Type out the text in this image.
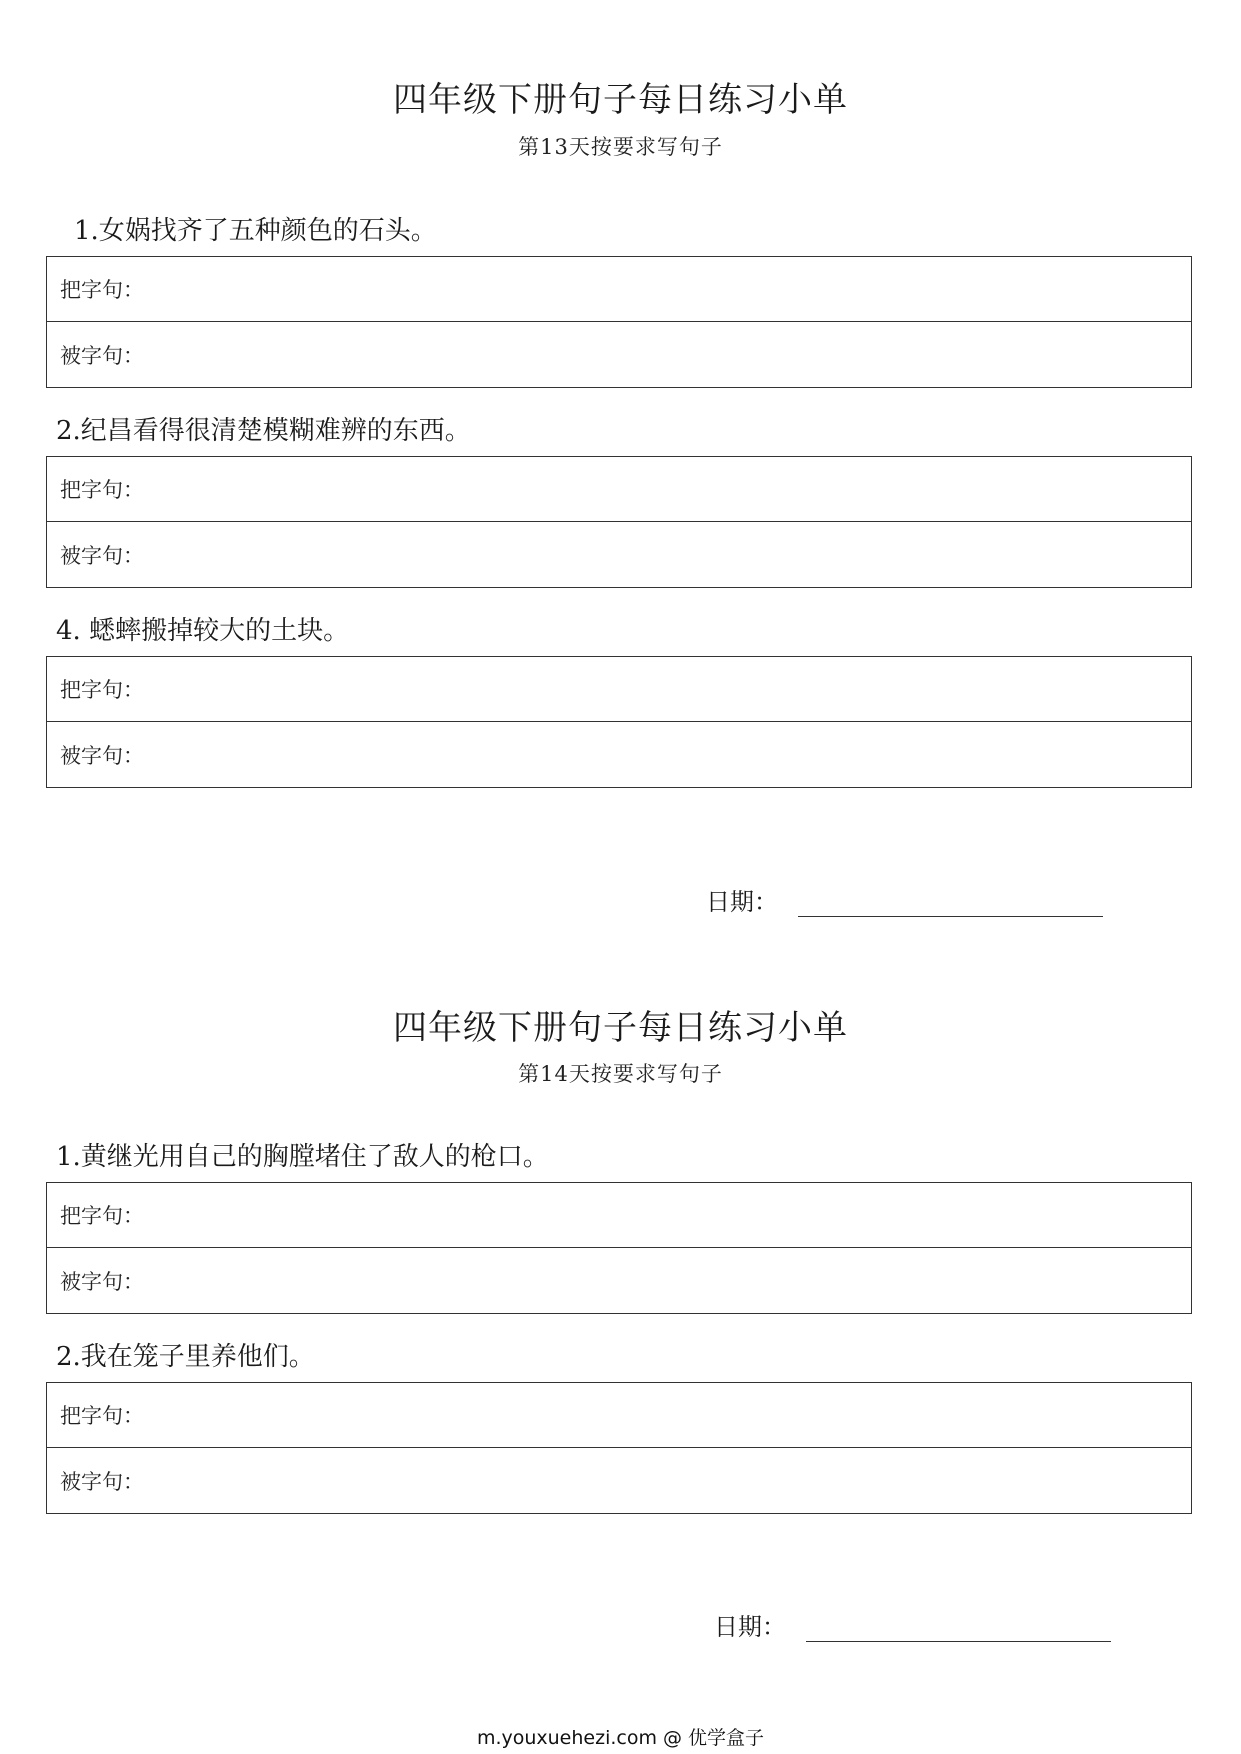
四年级下册句子每日练习小单
第13天按要求写句子
1.女娲找齐了五种颜色的石头。
把字句：
被字句：
2.纪昌看得很清楚模糊难辨的东西。
把字句：
被字句：
4. 蟋蟀搬掉较大的土块。
把字句：
被字句：
日期：
四年级下册句子每日练习小单
第14天按要求写句子
1.黄继光用自己的胸膛堵住了敌人的枪口。
把字句：
被字句：
2.我在笼子里养他们。
把字句：
被字句：
日期：
m.youxuehezi.com @ 优学盒子
